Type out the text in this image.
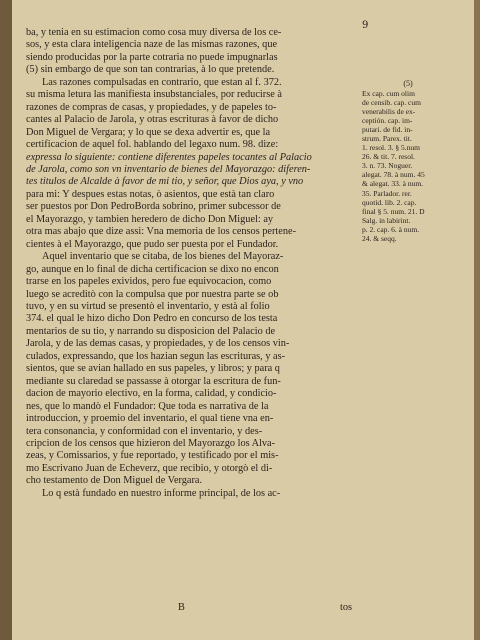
9
ba, y tenia en su estimacion como cosa muy diversa de los ce-
sos, y esta clara inteligencia naze de las mismas razones, que
siendo producidas por la parte cotraria no puede impugnarlas
(5) sin embargo de que son tan contrarias, à lo que pretende.
Las razones compulsadas en contrario, que estan al f. 372.
su misma letura las manifiesta insubstanciales, por reducirse à
razones de compras de casas, y propiedades, y de papeles to-
cantes al Palacio de Jarola, y otras escrituras à favor de dicho
Don Miguel de Vergara; y lo que se dexa advertir es, que la
certificacion de aquel fol. hablando del legaxo num. 98. dize:
expressa lo siguiente: contiene diferentes papeles tocantes al Palacio
de Jarola, como son vn inventario de bienes del Mayorazgo: diferen-
tes titulos de Alcalde à favor de mi tio, y señor, que Dios aya, y vno
para mi: Y despues estas notas, ò asientos, que està tan claro
ser puestos por Don PedroBorda sobrino, primer subcessor de
el Mayorazgo, y tambien heredero de dicho Don Miguel: ay
otra mas abajo que dize assi: Vna memoria de los censos pertene-
cientes à el Mayorazgo, que pudo ser puesta por el Fundador.
Aquel inventario que se citaba, de los bienes del Mayoraz-
go, aunque en lo final de dicha certificacion se dixo no encon
trarse en los papeles exividos, pero fue equivocacion, como
luego se acreditò con la compulsa que por nuestra parte se ob
tuvo, y en su virtud se presentò el inventario, y està al folio
374. el qual le hizo dicho Don Pedro en concurso de los testa
mentarios de su tio, y narrando su disposicion del Palacio de
Jarola, y de las demas casas, y propiedades, y de los censos vin-
culados, expressando, que los hazian segun las escrituras, y as-
sientos, que se avian hallado en sus papeles, y libros; y para q
mediante su claredad se passasse à otorgar la escritura de fun-
dacion de mayorio electivo, en la forma, calidad, y condicio-
nes, que lo mandò el Fundador: Que toda es narrativa de la
introduccion, y proemio del inventario, el qual tiene vna en-
tera consonancia, y conformidad con el inventario, y des-
cripcion de los censos que hizieron del Mayorazgo los Alva-
zeas, y Comissarios, y fue reportado, y testificado por el mis-
mo Escrivano Juan de Echeverz, que recibio, y otorgò el di-
cho testamento de Don Miguel de Vergara.
Lo q està fundado en nuestro informe principal, de los ac-
(5)
Ex cap. cum olim
de censib. cap. cum
venerabilis de ex-
ceptión. cap. im-
putari. de fid. in-
strum. Parex. tit.
1. resol. 3. § 5.num
26. & tit. 7. resol.
3. n. 73. Noguer.
alegat. 78. à num. 45
& alegat. 33. à num.
35. Parlador. rer.
quotid. lib. 2. cap.
final § 5. num. 21. D
Salg. in labirint.
p. 2. cap. 6. à num.
24. & seqq.
B	tos
